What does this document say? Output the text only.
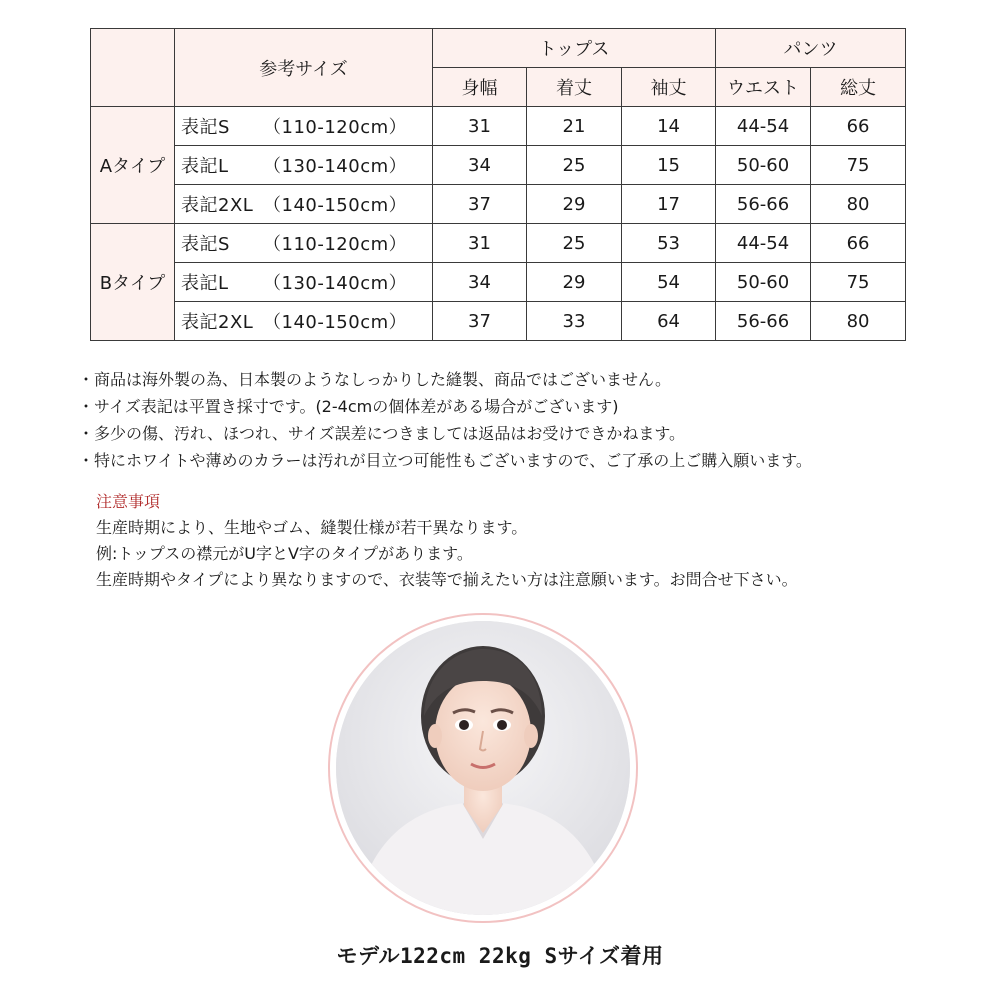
	参考サイズ	トップス			パンツ	
		身幅	着丈	袖丈	ウエスト	総丈
Aタイプ	表記S （110-120cm）	31	21	14	44-54	66
	表記L （130-140cm）	34	25	15	50-60	75
	表記2XL （140-150cm）	37	29	17	56-66	80
Bタイプ	表記S （110-120cm）	31	25	53	44-54	66
	表記L （130-140cm）	34	29	54	50-60	75
	表記2XL （140-150cm）	37	33	64	56-66	80
・商品は海外製の為、日本製のようなしっかりした縫製、商品ではございません。
・サイズ表記は平置き採寸です。(2-4cmの個体差がある場合がございます)
・多少の傷、汚れ、ほつれ、サイズ誤差につきましては返品はお受けできかねます。
・特にホワイトや薄めのカラーは汚れが目立つ可能性もございますので、ご了承の上ご購入願います。
注意事項
生産時期により、生地やゴム、縫製仕様が若干異なります。
例:トップスの襟元がU字とV字のタイプがあります。
生産時期やタイプにより異なりますので、衣装等で揃えたい方は注意願います。お問合せ下さい。
モデル122cm 22kg Sサイズ着用
